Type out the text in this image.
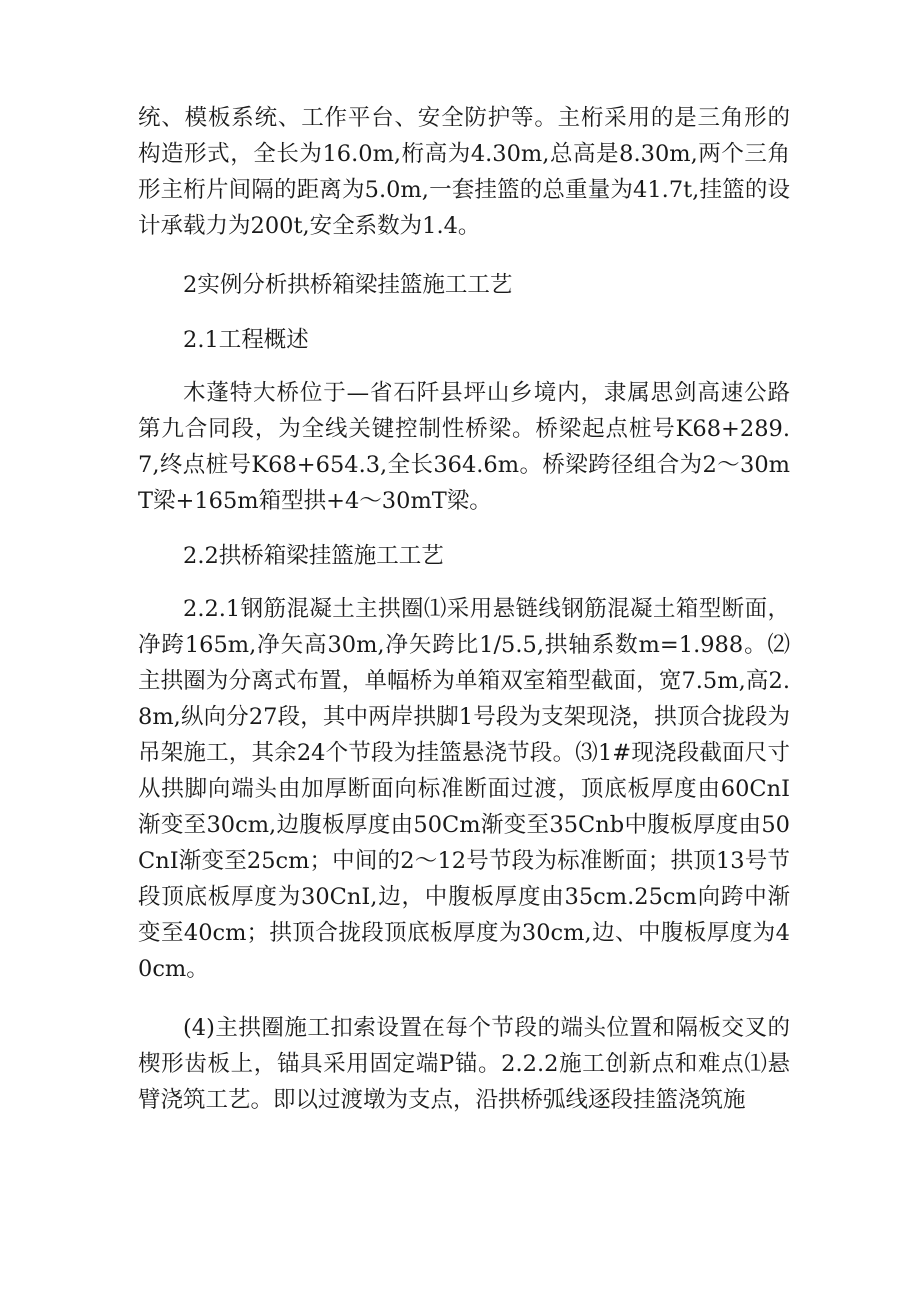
统、模板系统、工作平台、安全防护等。主桁采用的是三角形的构造形式，全长为16.0m,桁高为4.30m,总高是8.30m,两个三角形主桁片间隔的距离为5.0m,一套挂篮的总重量为41.7t,挂篮的设计承载力为200t,安全系数为1.4。

2实例分析拱桥箱梁挂篮施工工艺

2.1工程概述

木蓬特大桥位于—省石阡县坪山乡境内，隶属思剑高速公路第九合同段，为全线关键控制性桥梁。桥梁起点桩号K68+289.7,终点桩号K68+654.3,全长364.6m。桥梁跨径组合为2～30mT梁+165m箱型拱+4～30mT梁。

2.2拱桥箱梁挂篮施工工艺

2.2.1钢筋混凝土主拱圈⑴采用悬链线钢筋混凝土箱型断面，净跨165m,净矢高30m,净矢跨比1/5.5,拱轴系数m=1.988。⑵主拱圈为分离式布置，单幅桥为单箱双室箱型截面，宽7.5m,高2.8m,纵向分27段，其中两岸拱脚1号段为支架现浇，拱顶合拢段为吊架施工，其余24个节段为挂篮悬浇节段。⑶1#现浇段截面尺寸从拱脚向端头由加厚断面向标准断面过渡，顶底板厚度由60CnI渐变至30cm,边腹板厚度由50Cm渐变至35Cnb中腹板厚度由50CnI渐变至25cm；中间的2～12号节段为标准断面；拱顶13号节段顶底板厚度为30CnI,边，中腹板厚度由35cm.25cm向跨中渐变至40cm；拱顶合拢段顶底板厚度为30cm,边、中腹板厚度为40cm。

(4)主拱圈施工扣索设置在每个节段的端头位置和隔板交叉的楔形齿板上，锚具采用固定端P锚。2.2.2施工创新点和难点⑴悬臂浇筑工艺。即以过渡墩为支点，沿拱桥弧线逐段挂篮浇筑施
